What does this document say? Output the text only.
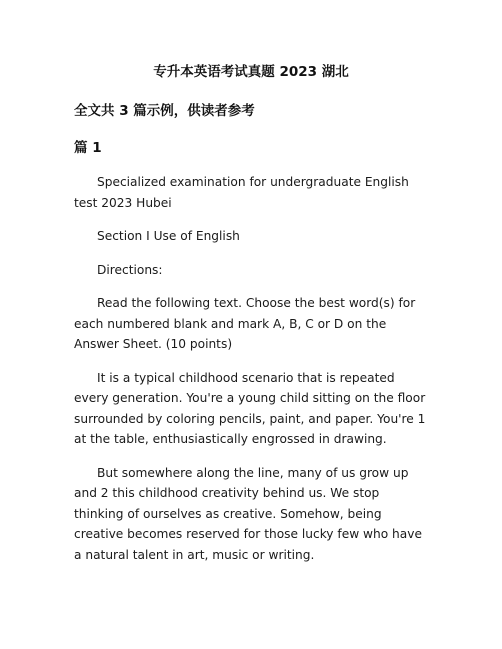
专升本英语考试真题 2023 湖北
全文共 3 篇示例，供读者参考
篇 1

Specialized examination for undergraduate English test 2023 Hubei

Section I Use of English

Directions:

Read the following text. Choose the best word(s) for each numbered blank and mark A, B, C or D on the Answer Sheet. (10 points)

It is a typical childhood scenario that is repeated every generation. You're a young child sitting on the floor surrounded by coloring pencils, paint, and paper. You're 1 at the table, enthusiastically engrossed in drawing.

But somewhere along the line, many of us grow up and 2 this childhood creativity behind us. We stop thinking of ourselves as creative. Somehow, being creative becomes reserved for those lucky few who have a natural talent in art, music or writing.
